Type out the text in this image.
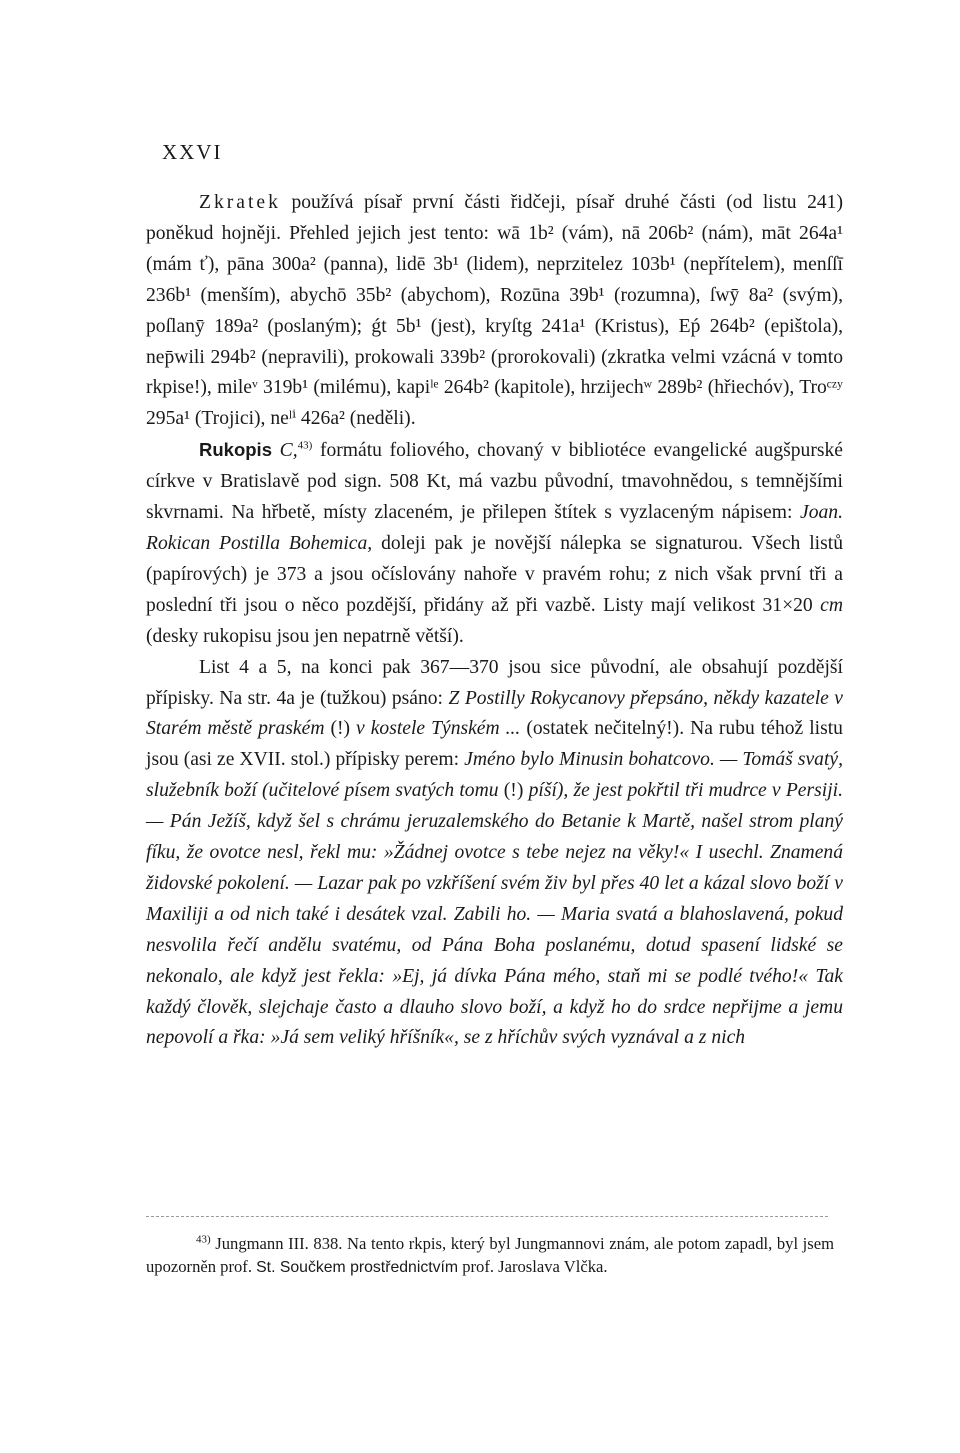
XXVI

Zkratek používá písař první části řidčeji, písař druhé části (od listu 241) poněkud hojněji. Přehled jejich jest tento: wā 1b² (vám), nā 206b² (nám), māt 264a¹ (mám ť), pāna 300a² (panna), lidē 3b¹ (lidem), neprzitelez 103b¹ (nepřítelem), menſſī 236b¹ (menším), abychō 35b² (abychom), Rozūna 39b¹ (rozumna), ſwȳ 8a² (svým), poſlanȳ 189a² (poslaným); ǵt 5b¹ (jest), kryſtg 241a¹ (Kristus), Eṕ 264b² (epištola), nep̄wili 294b² (nepravili), prokowali 339b² (prorokovali) (zkratka velmi vzácná v tomto rkpise!), mileᵛ 319b¹ (milému), kapiˡᵉ 264b² (kapitole), hrzijechʷ 289b² (hřiechóv), Troᶜᶻʸ 295a¹ (Trojici), neˡⁱ 426a² (neděli).

Rukopis C,$^{43)}$ formátu foliového, chovaný v bibliotéce evangelické augšpurské církve v Bratislavě pod sign. 508 Kt, má vazbu původní, tmavohnědou, s temnějšími skvrnami. Na hřbetě, místy zlaceném, je přilepen štítek s vyzlaceným nápisem: Joan. Rokican Postilla Bohemica, doleji pak je novější nálepka se signaturou. Všech listů (papírových) je 373 a jsou očíslovány nahoře v pravém rohu; z nich však první tři a poslední tři jsou o něco pozdější, přidány až při vazbě. Listy mají velikost 31×20 cm (desky rukopisu jsou jen nepatrně větší).

List 4 a 5, na konci pak 367—370 jsou sice původní, ale obsahují pozdější přípisky. Na str. 4a je (tužkou) psáno: Z Postilly Rokycanovy přepsáno, někdy kazatele v Starém městě praském (!) v kostele Týnském ... (ostatek nečitelný!). Na rubu téhož listu jsou (asi ze XVII. stol.) přípisky perem: Jméno bylo Minusin bohatcovo. — Tomáš svatý, služebník boží (učitelové písem svatých tomu (!) píší), že jest pokřtil tři mudrce v Persiji. — Pán Ježíš, když šel s chrámu jeruzalemského do Betanie k Martě, našel strom planý fíku, že ovotce nesl, řekl mu: »Žádnej ovotce s tebe nejez na věky!« I usechl. Znamená židovské pokolení. — Lazar pak po vzkříšení svém živ byl přes 40 let a kázal slovo boží v Maxiliji a od nich také i desátek vzal. Zabili ho. — Maria svatá a blahoslavená, pokud nesvolila řečí andělu svatému, od Pána Boha poslanému, dotud spasení lidské se nekonalo, ale když jest řekla: »Ej, já dívka Pána mého, staň mi se podlé tvého!« Tak každý člověk, slejchaje často a dlauho slovo boží, a když ho do srdce nepřijme a jemu nepovolí a řka: »Já sem veliký hříšník«, se z hříchův svých vyznával a z nich

$^{43)}$ Jungmann III. 838. Na tento rkpis, který byl Jungmannovi znám, ale potom zapadl, byl jsem upozorněn prof. St. Součkem prostřednictvím prof. Jaroslava Vlčka.
